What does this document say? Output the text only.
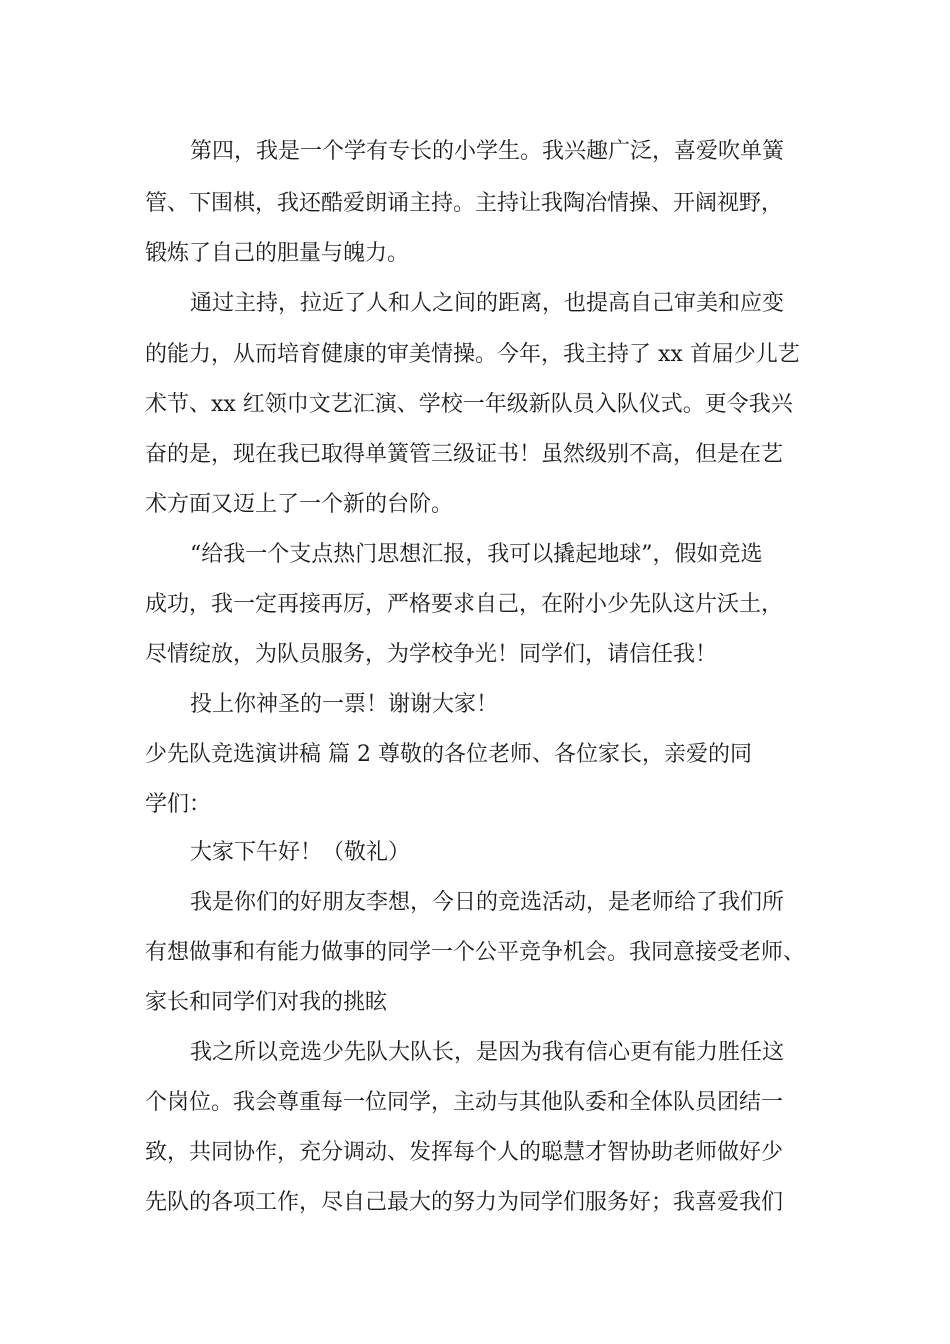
第四，我是一个学有专长的小学生。我兴趣广泛，喜爱吹单簧
管、下围棋，我还酷爱朗诵主持。主持让我陶冶情操、开阔视野，
锻炼了自己的胆量与魄力。
通过主持，拉近了人和人之间的距离，也提高自己审美和应变
的能力，从而培育健康的审美情操。今年，我主持了 xx 首届少儿艺
术节、xx 红领巾文艺汇演、学校一年级新队员入队仪式。更令我兴
奋的是，现在我已取得单簧管三级证书！虽然级别不高，但是在艺
术方面又迈上了一个新的台阶。
“给我一个支点热门思想汇报，我可以撬起地球”，假如竞选
成功，我一定再接再厉，严格要求自己，在附小少先队这片沃土，
尽情绽放，为队员服务，为学校争光！同学们，请信任我！
投上你神圣的一票！谢谢大家！
少先队竞选演讲稿 篇 2 尊敬的各位老师、各位家长，亲爱的同
学们：
大家下午好！（敬礼）
我是你们的好朋友李想，今日的竞选活动，是老师给了我们所
有想做事和有能力做事的同学一个公平竞争机会。我同意接受老师、
家长和同学们对我的挑眩
我之所以竞选少先队大队长，是因为我有信心更有能力胜任这
个岗位。我会尊重每一位同学，主动与其他队委和全体队员团结一
致，共同协作，充分调动、发挥每个人的聪慧才智协助老师做好少
先队的各项工作，尽自己最大的努力为同学们服务好；我喜爱我们
